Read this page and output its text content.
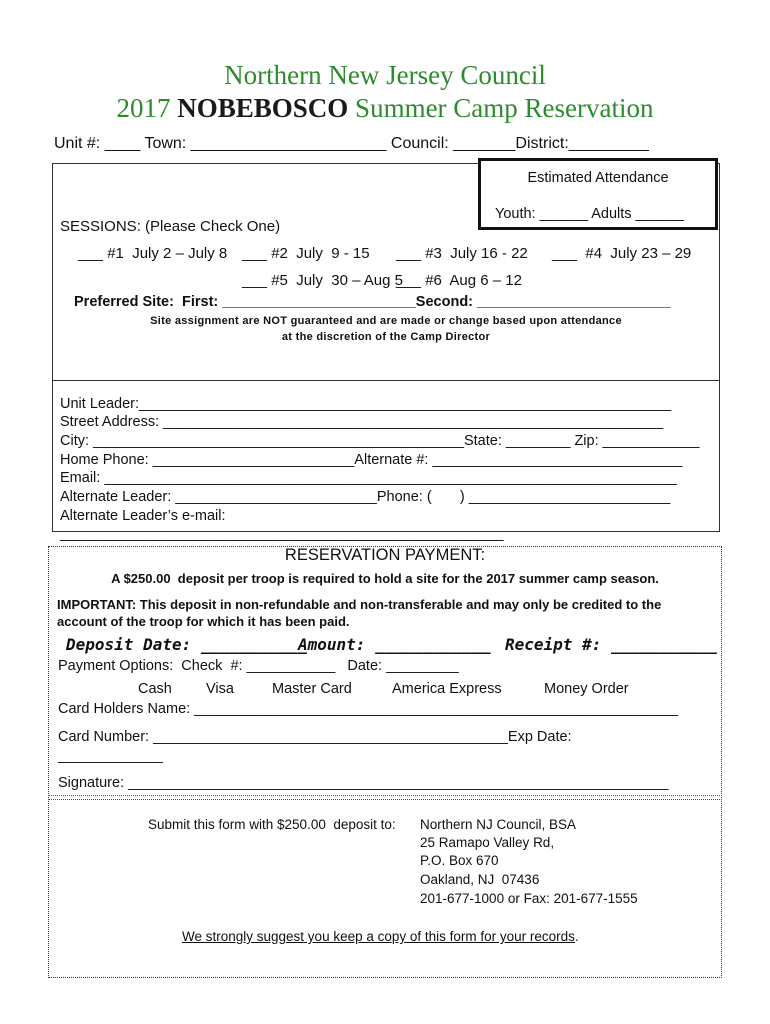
Northern New Jersey Council
2017 NOBEBOSCO Summer Camp Reservation
Unit #: ____ Town: ______________________ Council: _______District:_________
Estimated Attendance
Youth: ______ Adults ______
SESSIONS: (Please Check One)
___ #1  July 2 – July 8 ___ #2  July  9 - 15 ___ #3  July 16 - 22 ___  #4  July 23 – 29
___ #5  July  30 – Aug 5
___ #6  Aug 6 – 12
Preferred Site:  First: ________________________Second: ________________________
Site assignment are NOT guaranteed and are made or change based upon attendance
at the discretion of the Camp Director
Unit Leader:__________________________________________________________________
Street Address: ______________________________________________________________
City: ______________________________________________State: ________ Zip: ____________
Home Phone: _________________________Alternate #: _______________________________
Email: _______________________________________________________________________
Alternate Leader: _________________________Phone: (       ) _________________________
Alternate Leader’s e-mail:
_______________________________________________________
RESERVATION PAYMENT:
A $250.00  deposit per troop is required to hold a site for the 2017 summer camp season.
IMPORTANT: This deposit in non-refundable and non-transferable and may only be credited to the
account of the troop for which it has been paid.
Deposit Date: ___________
Amount: ____________ Receipt #: ___________
Payment Options:  Check  #: ___________   Date: _________
Cash Visa	Master Card	America Express	Money Order
Card Holders Name: ____________________________________________________________
Card Number: ____________________________________________Exp Date:
_____________
Signature: ___________________________________________________________________
Submit this form with $250.00  deposit to: Northern NJ Council, BSA
25 Ramapo Valley Rd,
P.O. Box 670
Oakland, NJ  07436
201-677-1000 or Fax: 201-677-1555
We strongly suggest you keep a copy of this form for your records.
